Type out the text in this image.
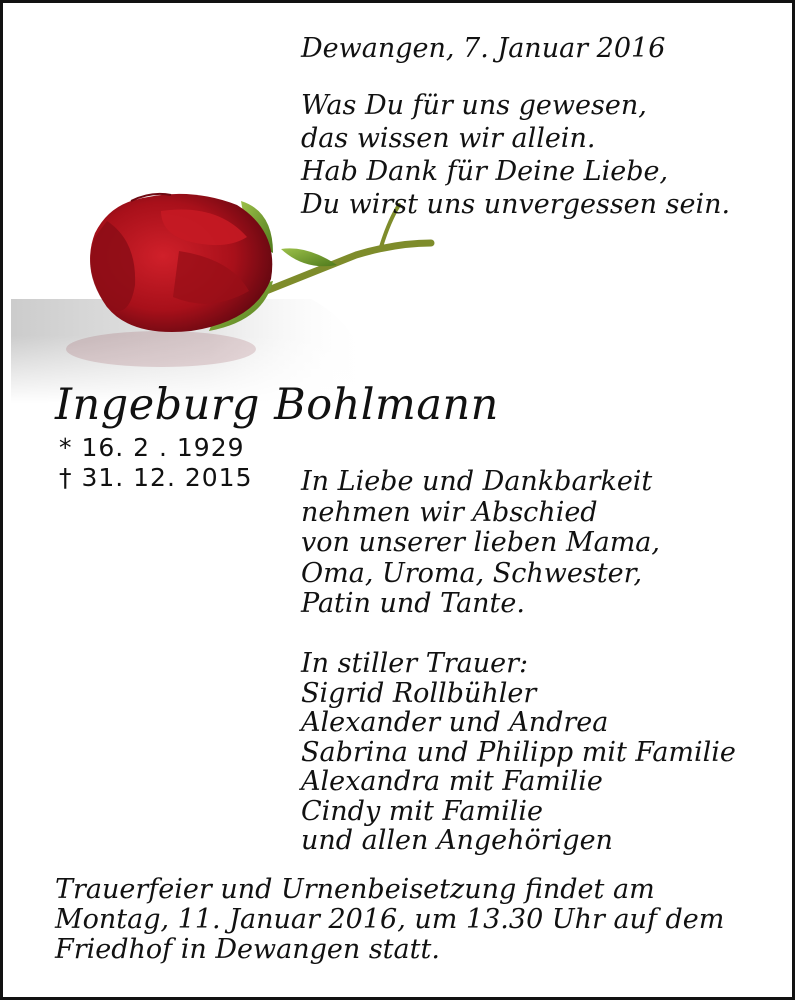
Dewangen, 7. Januar 2016
Was Du für uns gewesen,
das wissen wir allein.
Hab Dank für Deine Liebe,
Du wirst uns unvergessen sein.
Ingeburg Bohlmann
* 16. 2 . 1929
† 31. 12. 2015 In Liebe und Dankbarkeit
nehmen wir Abschied
von unserer lieben Mama,
Oma, Uroma, Schwester,
Patin und Tante.
In stiller Trauer:
Sigrid Rollbühler
Alexander und Andrea
Sabrina und Philipp mit Familie
Alexandra mit Familie
Cindy mit Familie
und allen Angehörigen
Trauerfeier und Urnenbeisetzung findet am
Montag, 11. Januar 2016, um 13.30 Uhr auf dem
Friedhof in Dewangen statt.
